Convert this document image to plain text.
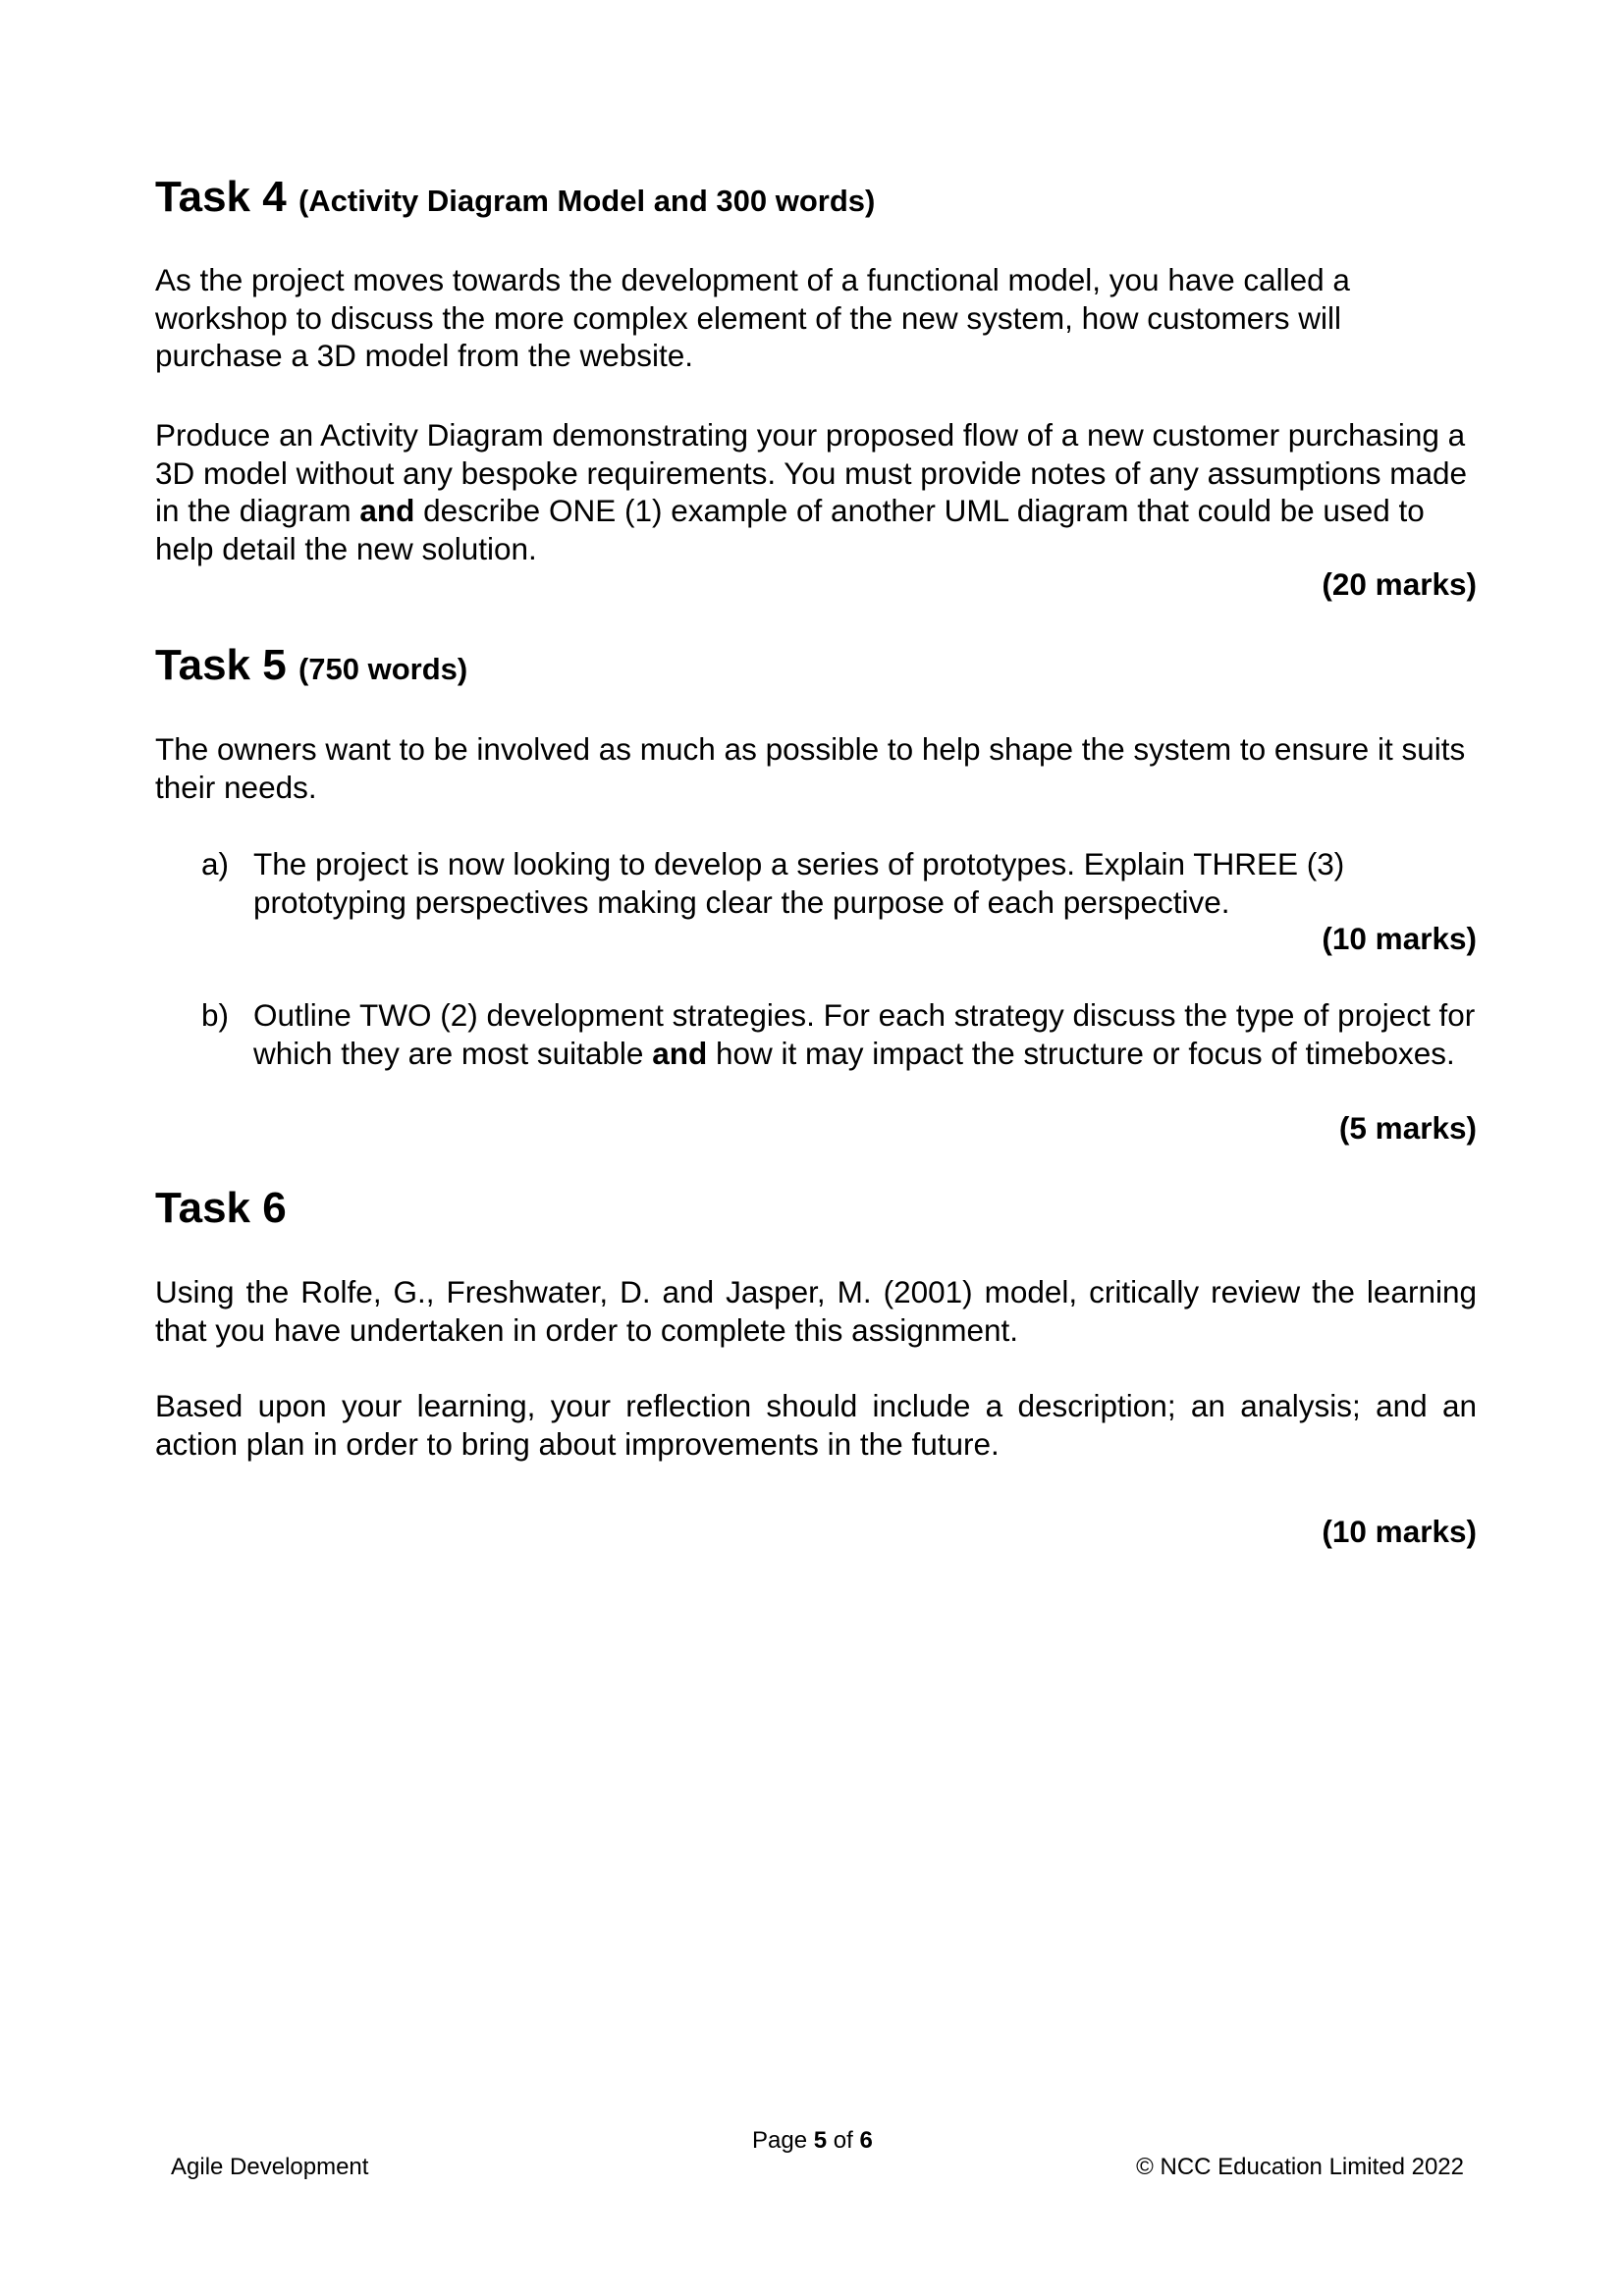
Task 4 (Activity Diagram Model and 300 words)

As the project moves towards the development of a functional model, you have called a workshop to discuss the more complex element of the new system, how customers will purchase a 3D model from the website.

Produce an Activity Diagram demonstrating your proposed flow of a new customer purchasing a 3D model without any bespoke requirements. You must provide notes of any assumptions made in the diagram and describe ONE (1) example of another UML diagram that could be used to help detail the new solution.

(20 marks)
Task 5 (750 words)

The owners want to be involved as much as possible to help shape the system to ensure it suits their needs.

a) The project is now looking to develop a series of prototypes. Explain THREE (3) prototyping perspectives making clear the purpose of each perspective.
(10 marks)
b) Outline TWO (2) development strategies. For each strategy discuss the type of project for which they are most suitable and how it may impact the structure or focus of timeboxes.
(5 marks)
Task 6

Using the Rolfe, G., Freshwater, D. and Jasper, M. (2001) model, critically review the learning that you have undertaken in order to complete this assignment.

Based upon your learning, your reflection should include a description; an analysis; and an action plan in order to bring about improvements in the future.

(10 marks)
Page 5 of 6
Agile Development	© NCC Education Limited 2022
